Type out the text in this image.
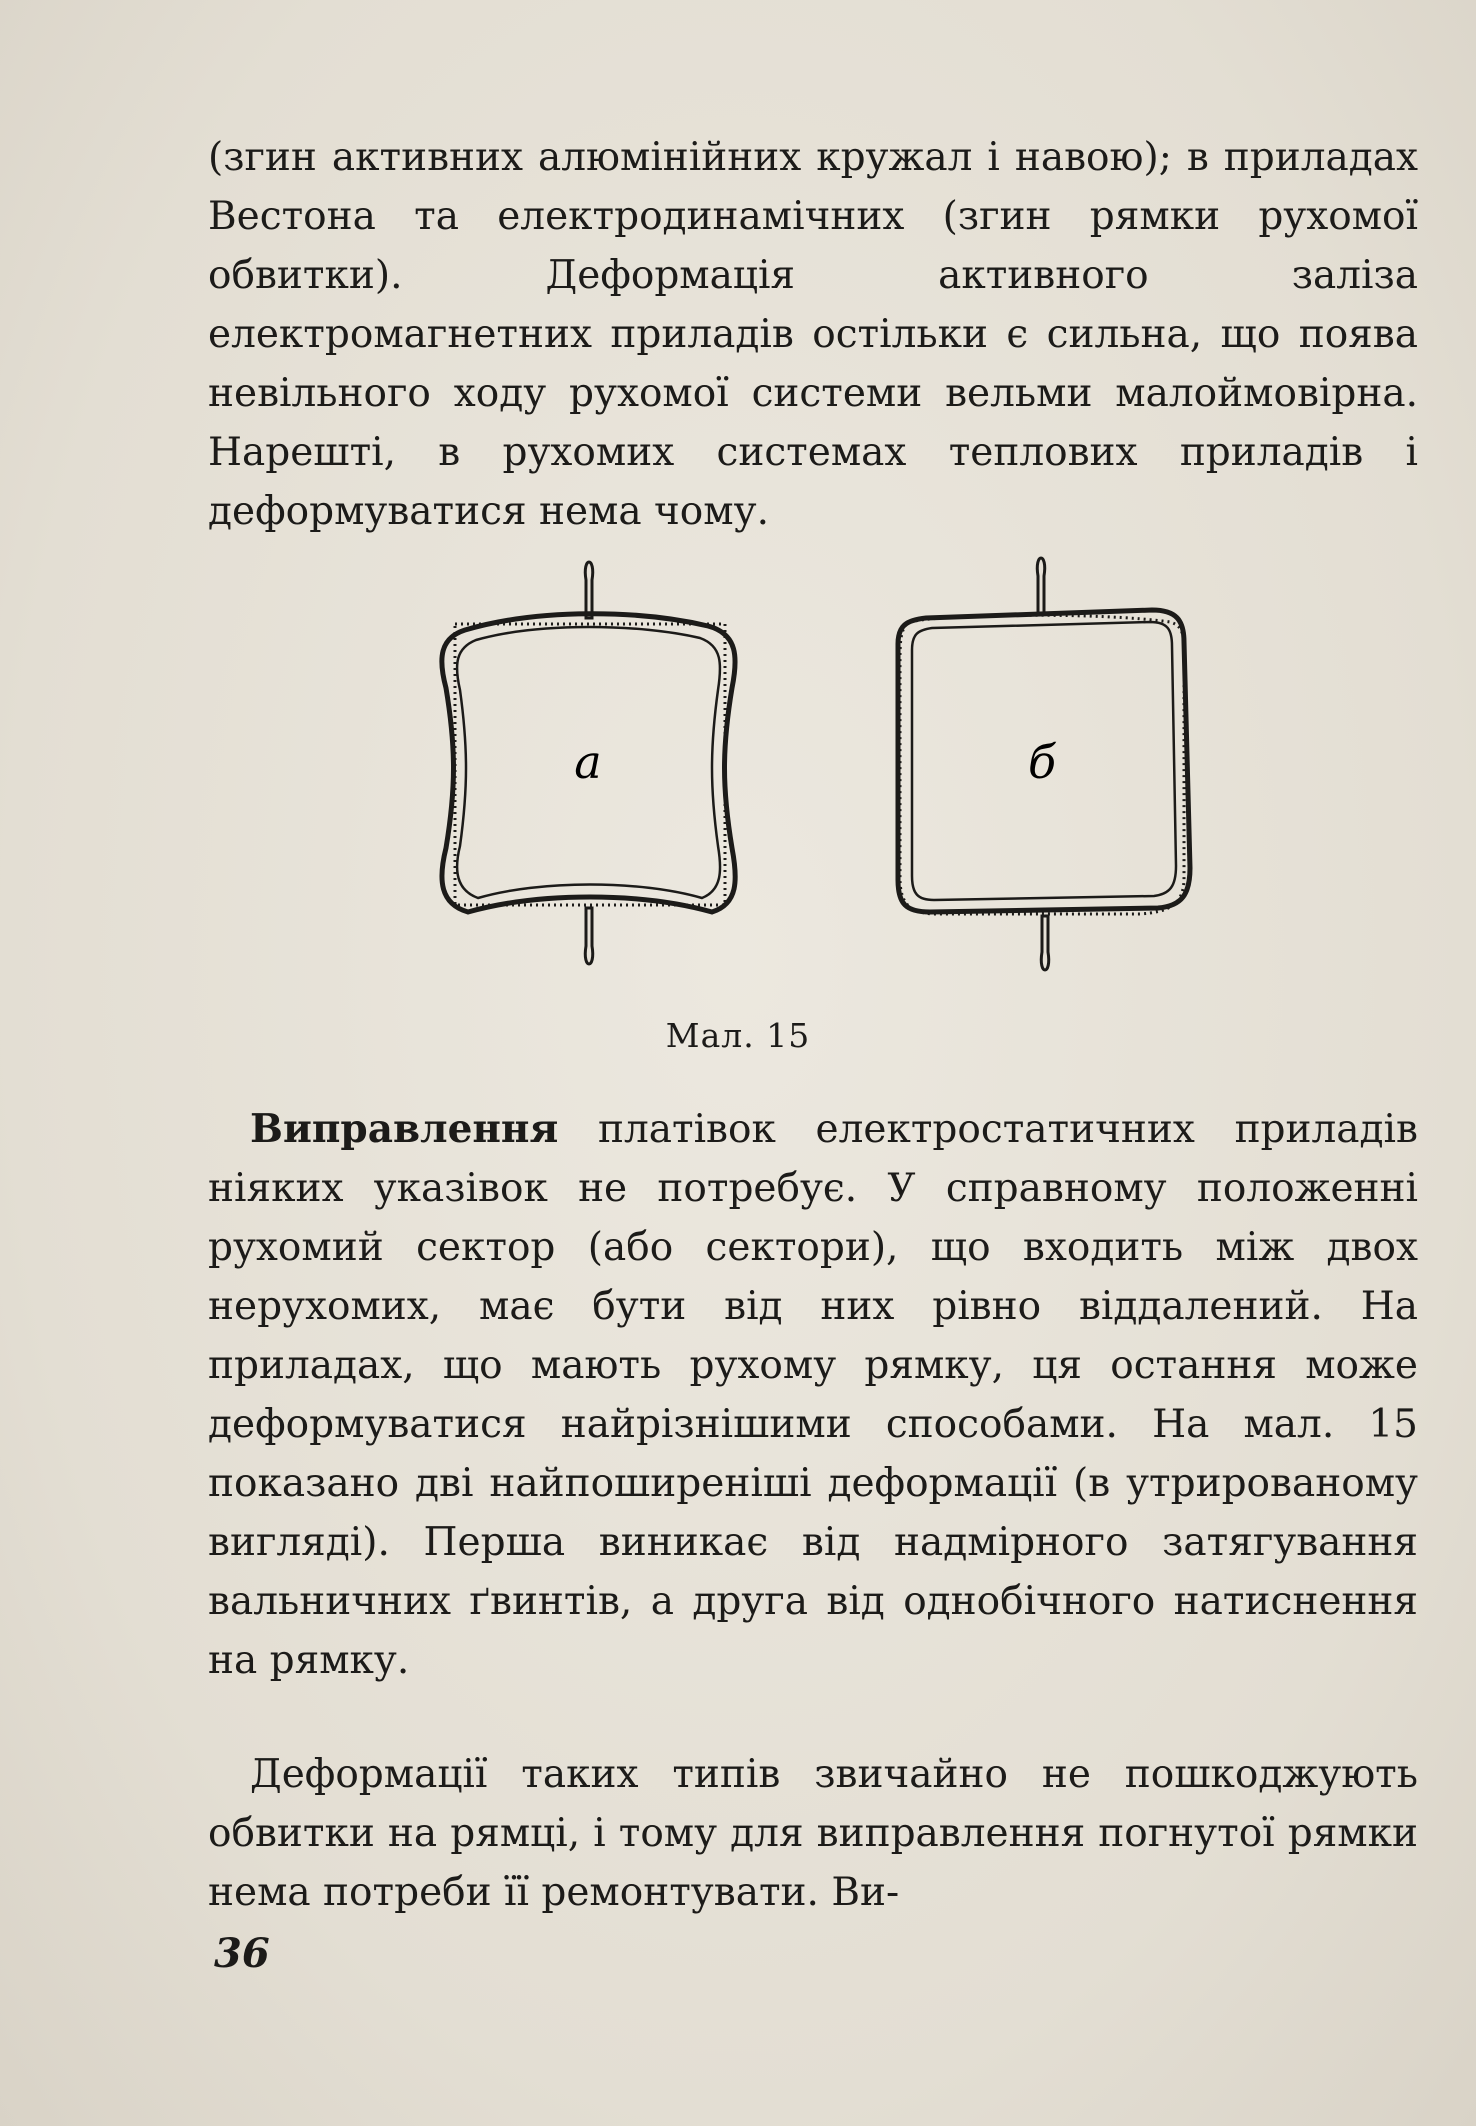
(згин активних алюмінійних кружал і навою); в приладах Вестона та електродинамічних (згин рямки рухомої обвитки). Деформація активного заліза електромагнетних приладів остільки є сильна, що поява невільного ходу рухомої системи вельми малоймовірна. Нарешті, в рухомих системах теплових приладів і деформуватися нема чому.

а	б
Мал. 15

Виправлення платівок електростатичних приладів ніяких указівок не потребує. У справному положенні рухомий сектор (або сектори), що входить між двох нерухомих, має бути від них рівно віддалений. На приладах, що мають рухому рямку, ця остання може деформуватися найрізнішими способами. На мал. 15 показано дві найпоширеніші деформації (в утрированому вигляді). Перша виникає від надмірного затягування вальничних ґвинтів, а друга від однобічного натиснення на рямку.

Деформації таких типів звичайно не пошкоджують обвитки на рямці, і тому для виправлення погнутої рямки нема потреби її ремонтувати. Ви-

36
